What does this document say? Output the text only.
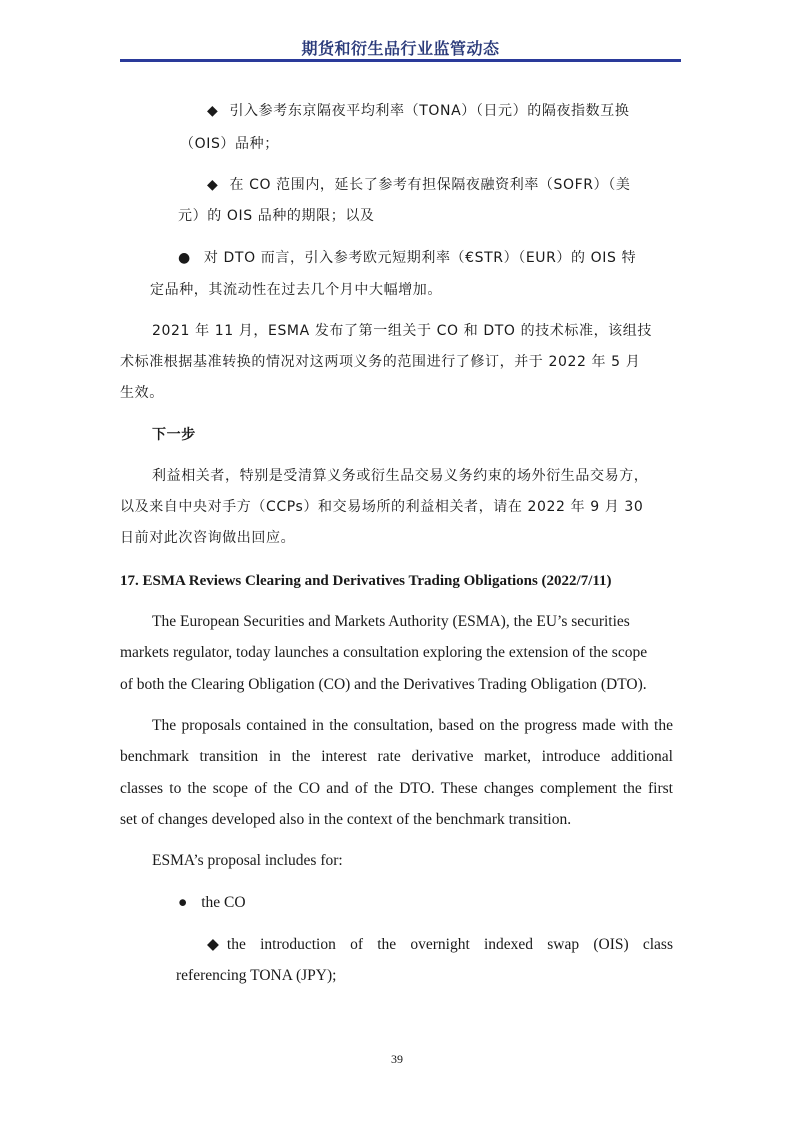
期货和衍生品行业监管动态
◆ 引入参考东京隔夜平均利率（TONA）（日元）的隔夜指数互换
（OIS）品种；
◆ 在 CO 范围内，延长了参考有担保隔夜融资利率（SOFR）（美
元）的 OIS 品种的期限；以及
● 对 DTO 而言，引入参考欧元短期利率（€STR）（EUR）的 OIS 特
定品种，其流动性在过去几个月中大幅增加。
2021 年 11 月，ESMA 发布了第一组关于 CO 和 DTO 的技术标准，该组技
术标准根据基准转换的情况对这两项义务的范围进行了修订，并于 2022 年 5 月
生效。
下一步
利益相关者，特别是受清算义务或衍生品交易义务约束的场外衍生品交易方，
以及来自中央对手方（CCPs）和交易场所的利益相关者，请在 2022 年 9 月 30
日前对此次咨询做出回应。
17. ESMA Reviews Clearing and Derivatives Trading Obligations (2022/7/11)
The European Securities and Markets Authority (ESMA), the EU’s securities
markets regulator, today launches a consultation exploring the extension of the scope
of both the Clearing Obligation (CO) and the Derivatives Trading Obligation (DTO).
The proposals contained in the consultation, based on the progress made with the
benchmark transition in the interest rate derivative market, introduce additional
classes to the scope of the CO and of the DTO. These changes complement the first
set of changes developed also in the context of the benchmark transition.
ESMA’s proposal includes for:
● the CO
◆ the introduction of the overnight indexed swap (OIS) class
referencing TONA (JPY);
39
